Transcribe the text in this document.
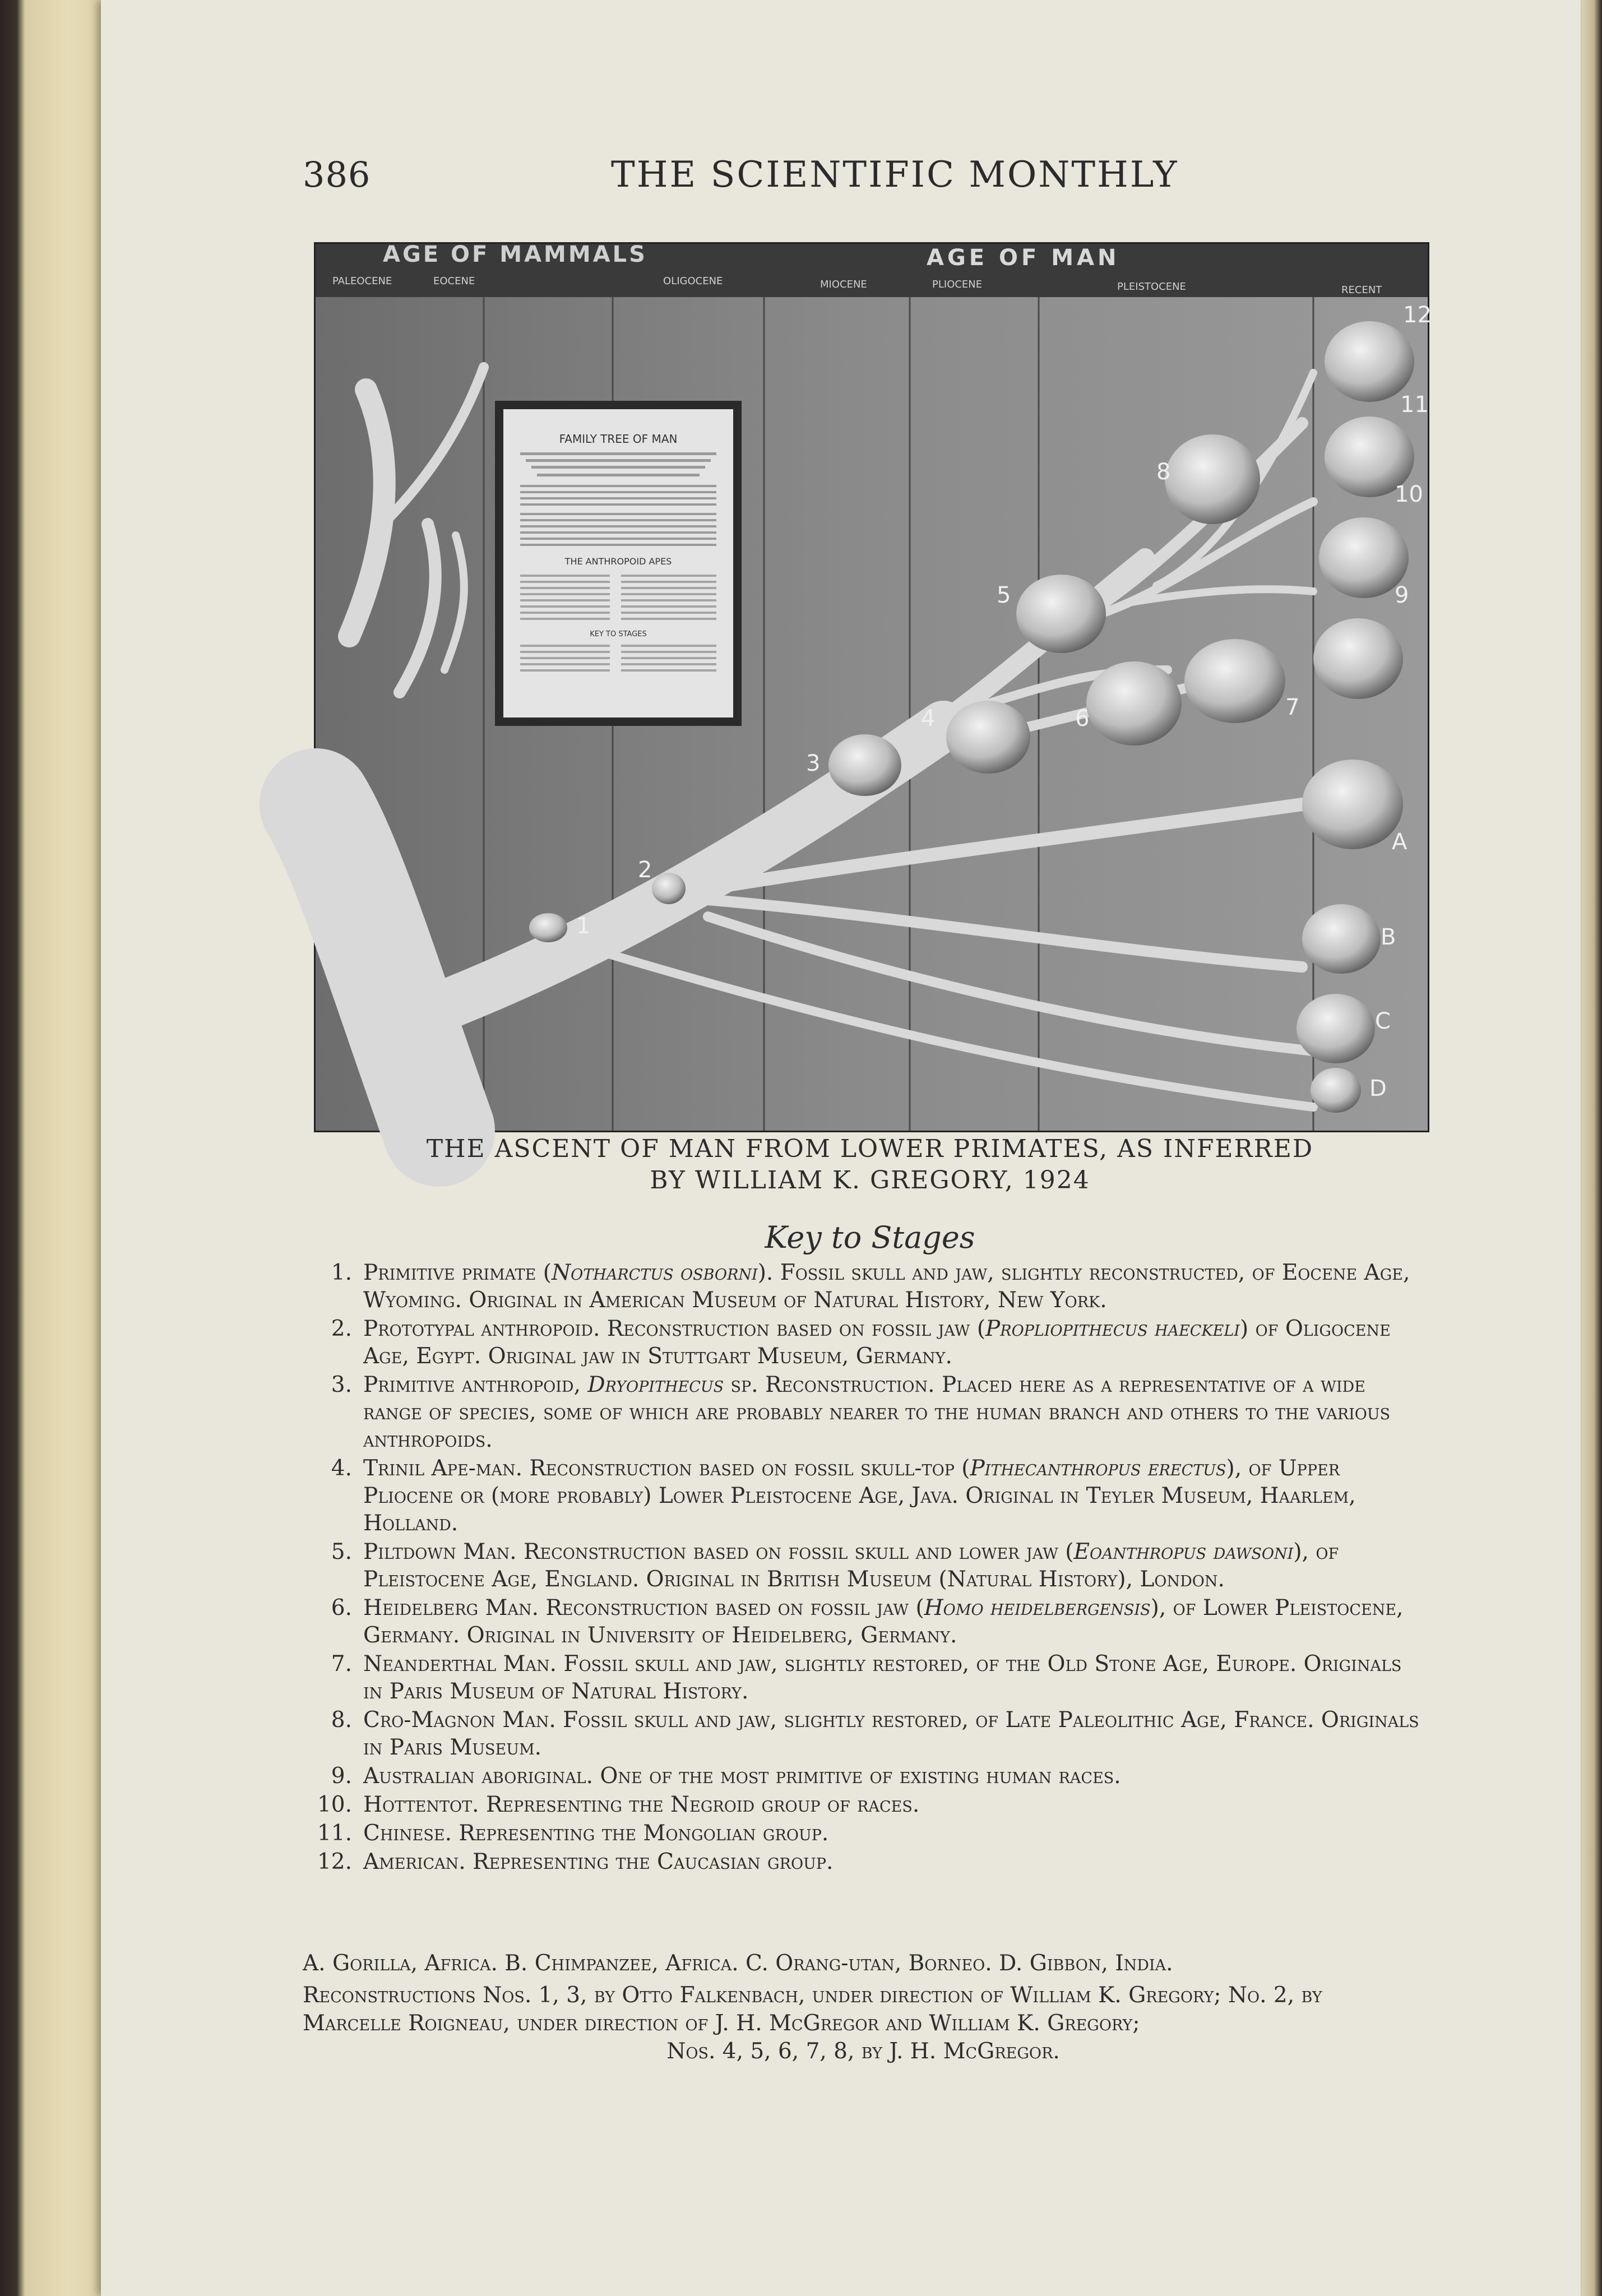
386	THE SCIENTIFIC MONTHLY
AGE OF MAMMALS	AGE OF MAN
PALEOCENE	EOCENE	OLIGOCENE	MIOCENE	PLIOCENE	PLEISTOCENE	RECENT
FAMILY TREE OF MAN
THE ANTHROPOID APES
KEY TO STAGES
1
2
3
4
5
6	7
8
9
10
11
12
A
B
C
D
THE ASCENT OF MAN FROM LOWER PRIMATES, AS INFERRED
BY WILLIAM K. GREGORY, 1924
Key to Stages
1. Primitive primate (Notharctus osborni). Fossil skull and jaw, slightly reconstructed, of Eocene Age, Wyoming. Original in American Museum of Natural History, New York.
2. Prototypal anthropoid. Reconstruction based on fossil jaw (Propliopithecus haeckeli) of Oligocene Age, Egypt. Original jaw in Stuttgart Museum, Germany.
3. Primitive anthropoid, Dryopithecus sp. Reconstruction. Placed here as a representative of a wide range of species, some of which are probably nearer to the human branch and others to the various anthropoids.
4. Trinil Ape-man. Reconstruction based on fossil skull-top (Pithecanthropus erectus), of Upper Pliocene or (more probably) Lower Pleistocene Age, Java. Original in Teyler Museum, Haarlem, Holland.
5. Piltdown Man. Reconstruction based on fossil skull and lower jaw (Eoanthropus dawsoni), of Pleistocene Age, England. Original in British Museum (Natural History), London.
6. Heidelberg Man. Reconstruction based on fossil jaw (Homo heidelbergensis), of Lower Pleistocene, Germany. Original in University of Heidelberg, Germany.
7. Neanderthal Man. Fossil skull and jaw, slightly restored, of the Old Stone Age, Europe. Originals in Paris Museum of Natural History.
8. Cro-Magnon Man. Fossil skull and jaw, slightly restored, of Late Paleolithic Age, France. Originals in Paris Museum.
9. Australian aboriginal. One of the most primitive of existing human races.
10. Hottentot. Representing the Negroid group of races.
11. Chinese. Representing the Mongolian group.
12. American. Representing the Caucasian group.
A. Gorilla, Africa. B. Chimpanzee, Africa. C. Orang-utan, Borneo. D. Gibbon, India.
Reconstructions Nos. 1, 3, by Otto Falkenbach, under direction of William K. Gregory; No. 2, by Marcelle Roigneau, under direction of J. H. McGregor and William K. Gregory;
Nos. 4, 5, 6, 7, 8, by J. H. McGregor.
